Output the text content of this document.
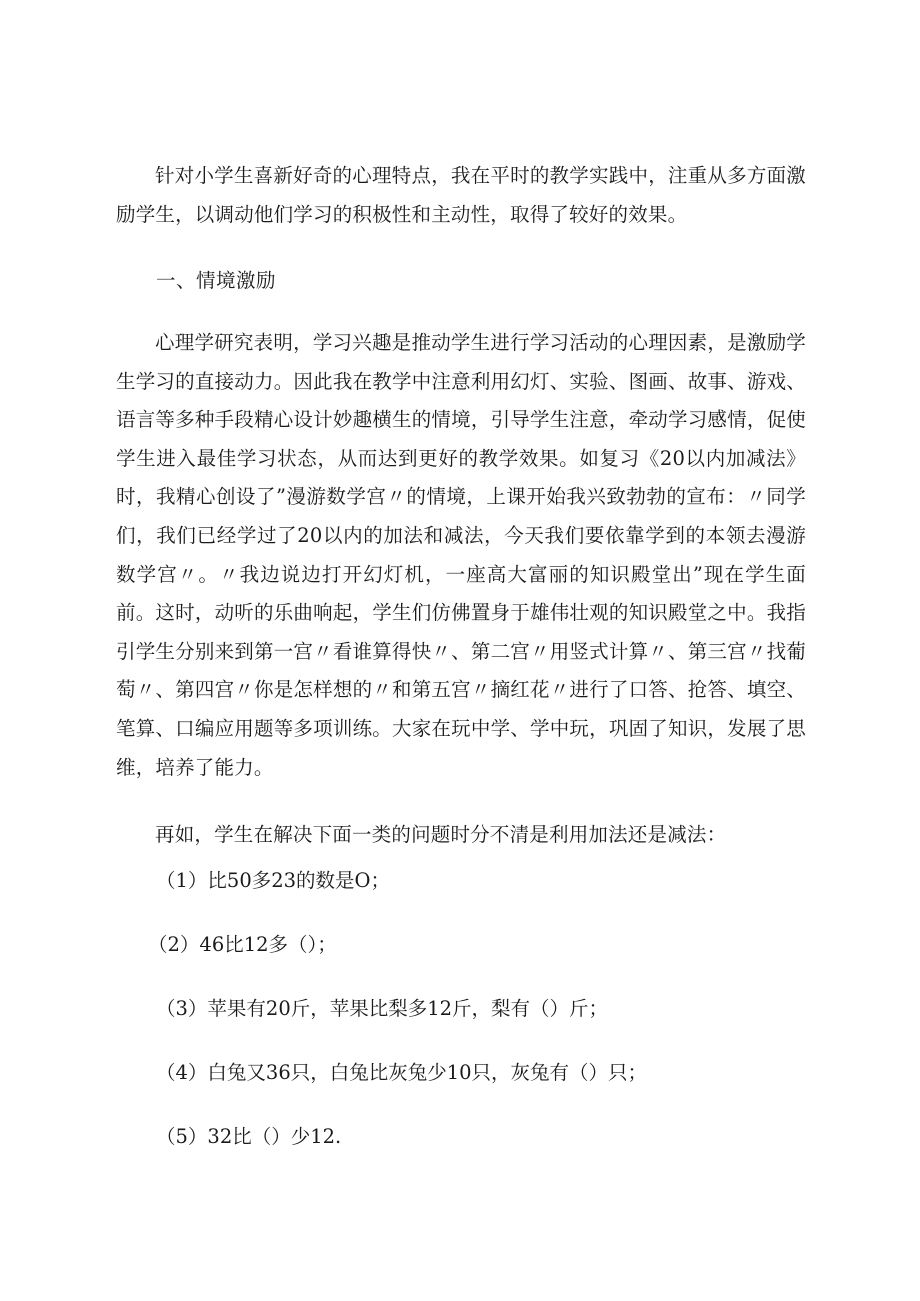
针对小学生喜新好奇的心理特点，我在平时的教学实践中，注重从多方面激励学生，以调动他们学习的积极性和主动性，取得了较好的效果。

一、情境激励

心理学研究表明，学习兴趣是推动学生进行学习活动的心理因素，是激励学生学习的直接动力。因此我在教学中注意利用幻灯、实验、图画、故事、游戏、语言等多种手段精心设计妙趣横生的情境，引导学生注意，牵动学习感情，促使学生进入最佳学习状态，从而达到更好的教学效果。如复习《20以内加减法》时，我精心创设了”漫游数学宫〃的情境，上课开始我兴致勃勃的宣布：〃同学们，我们已经学过了20以内的加法和减法，今天我们要依靠学到的本领去漫游数学宫〃。〃我边说边打开幻灯机，一座高大富丽的知识殿堂出”现在学生面前。这时，动听的乐曲响起，学生们仿佛置身于雄伟壮观的知识殿堂之中。我指引学生分别来到第一宫〃看谁算得快〃、第二宫〃用竖式计算〃、第三宫〃找葡萄〃、第四宫〃你是怎样想的〃和第五宫〃摘红花〃进行了口答、抢答、填空、笔算、口编应用题等多项训练。大家在玩中学、学中玩，巩固了知识，发展了思维，培养了能力。

再如，学生在解决下面一类的问题时分不清是利用加法还是减法：

（1）比50多23的数是O；

（2）46比12多（）；

（3）苹果有20斤，苹果比梨多12斤，梨有（）斤；

（4）白兔又36只，白兔比灰兔少10只，灰兔有（）只；

（5）32比（）少12.
